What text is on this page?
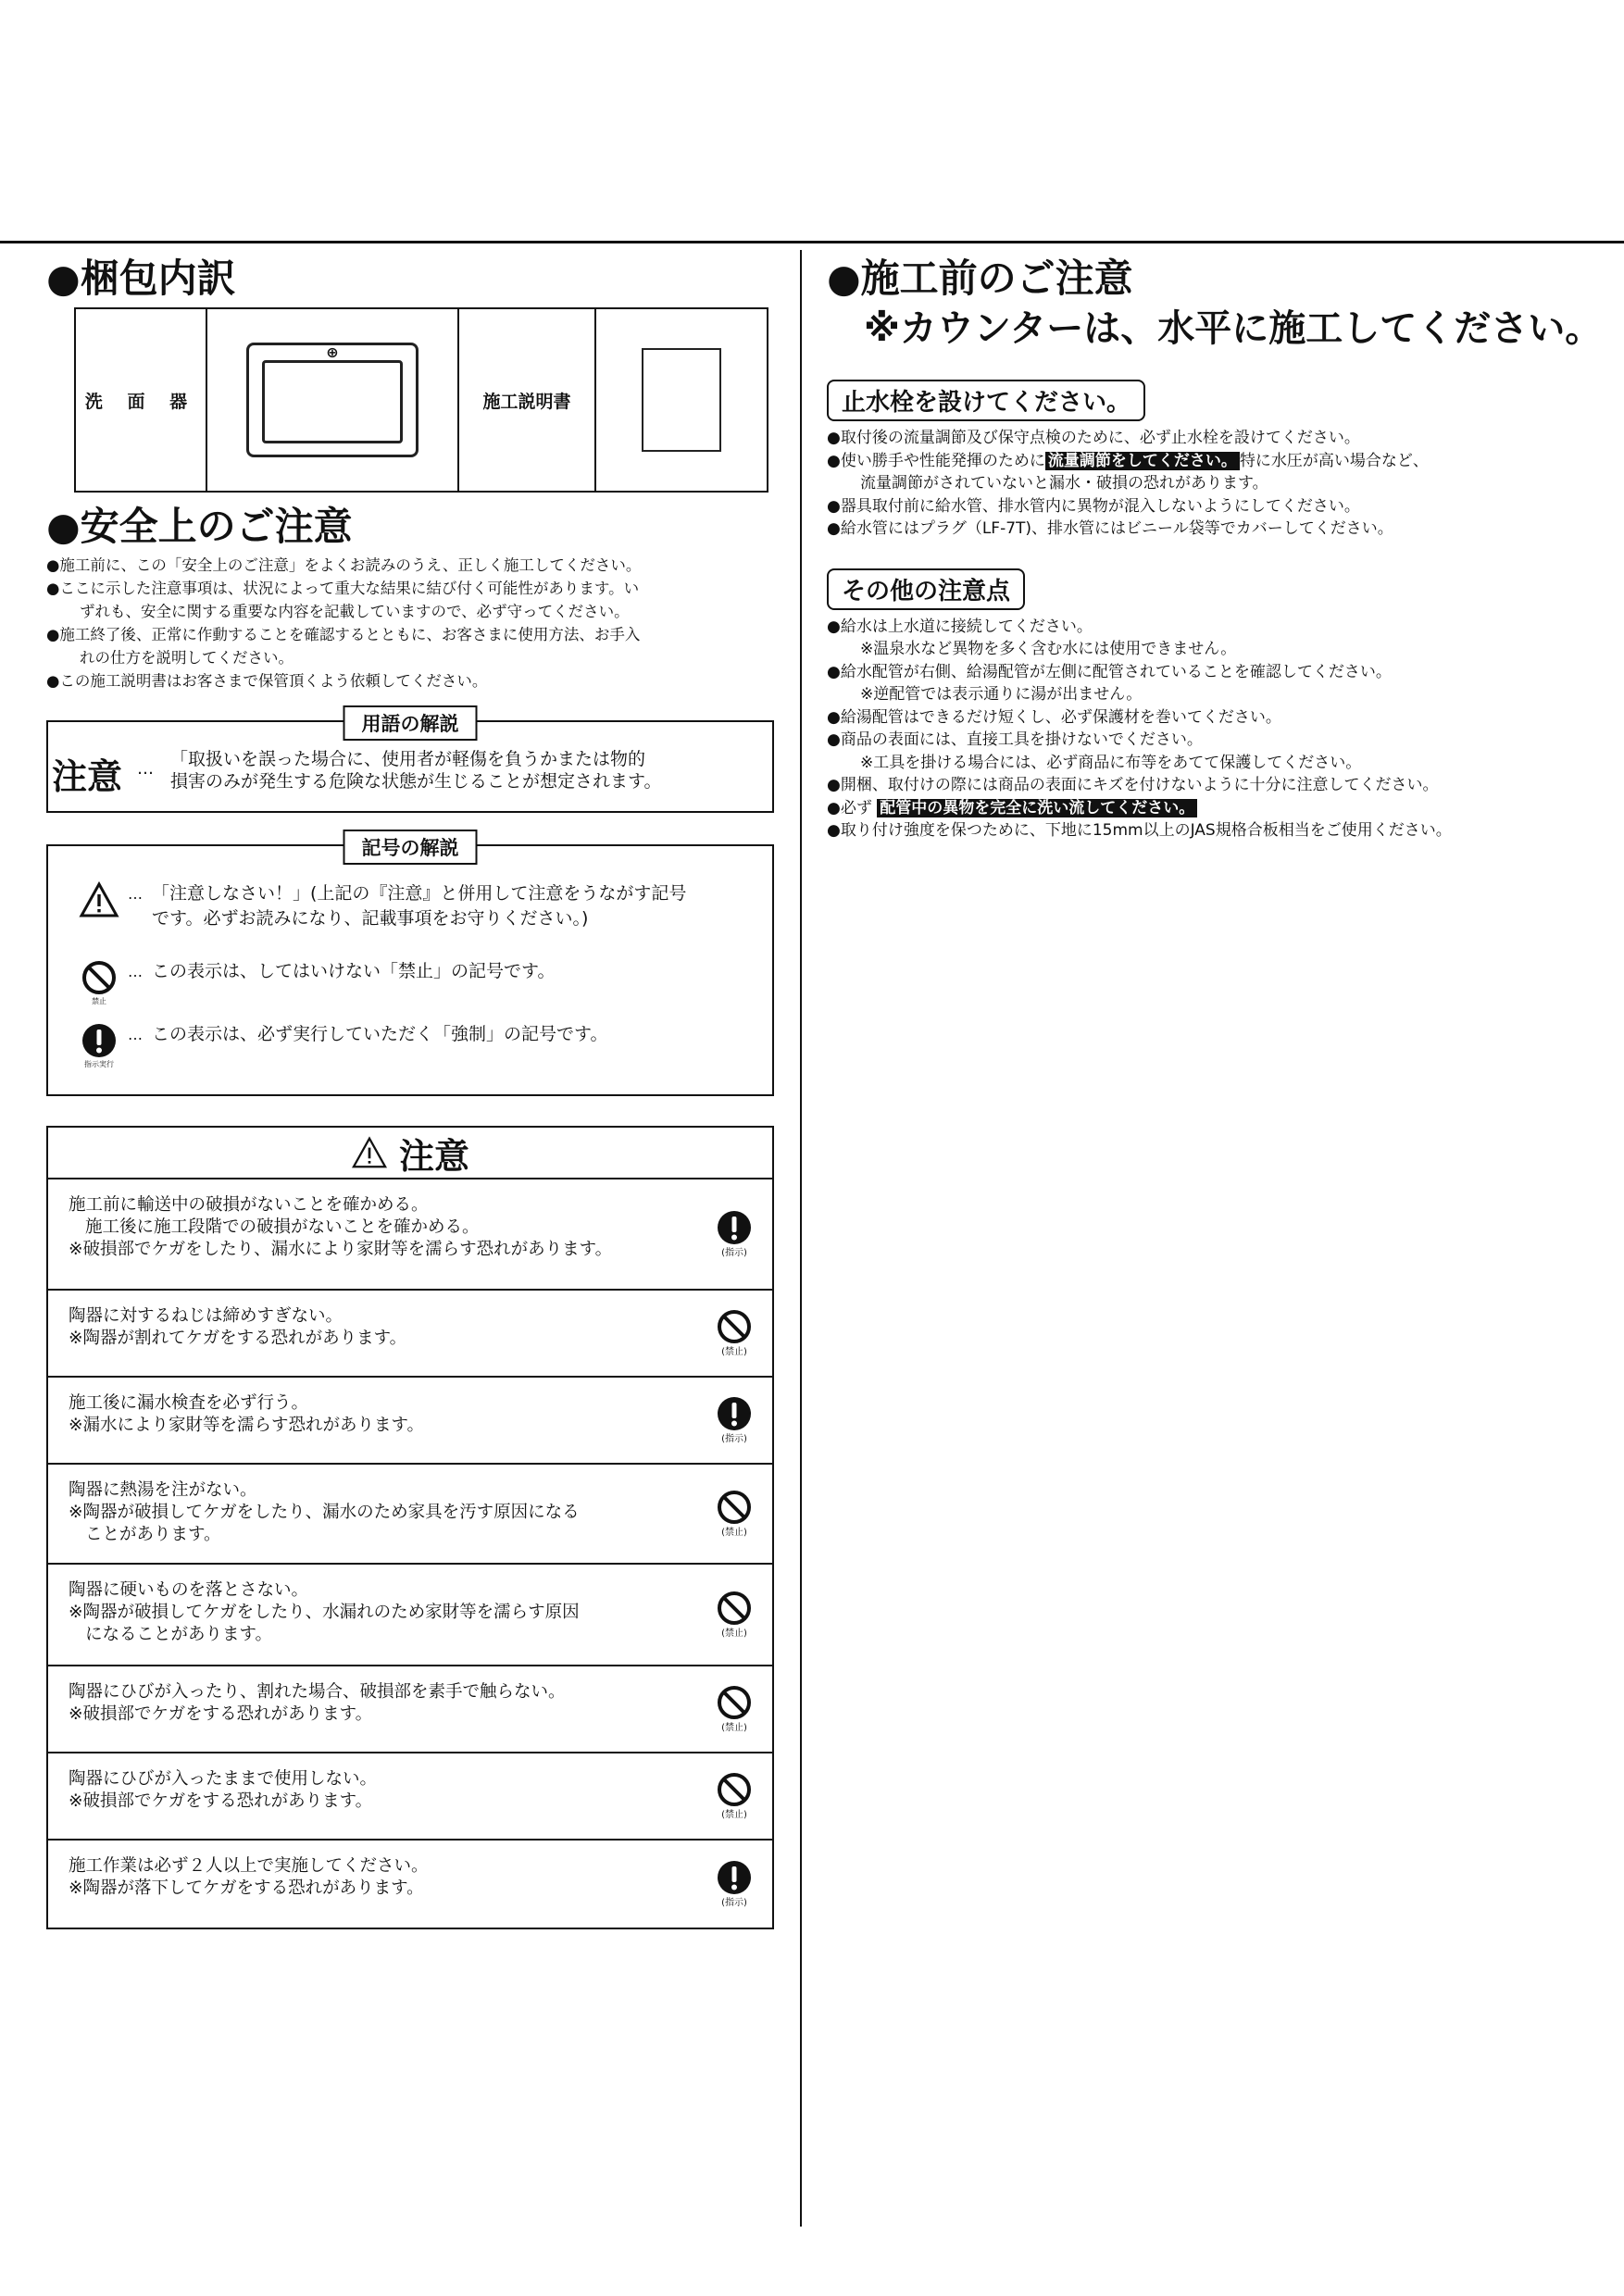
●梱包内訳
洗 面 器
⊕
施工説明書
●安全上のご注意
●施工前に、この「安全上のご注意」をよくお読みのうえ、正しく施工してください。
●ここに示した注意事項は、状況によって重大な結果に結び付く可能性があります。い
ずれも、安全に関する重要な内容を記載していますので、必ず守ってください。
●施工終了後、正常に作動することを確認するとともに、お客さまに使用方法、お手入
れの仕方を説明してください。
●この施工説明書はお客さまで保管頂くよう依頼してください。
用語の解説
注意 … 「取扱いを誤った場合に、使用者が軽傷を負うかまたは物的
損害のみが発生する危険な状態が生じることが想定されます。
記号の解説
… 「注意しなさい！」(上記の『注意』と併用して注意をうながす記号
です。必ずお読みになり、記載事項をお守りください。)
禁止
… この表示は、してはいけない「禁止」の記号です。
指示実行
… この表示は、必ず実行していただく「強制」の記号です。
注意
施工前に輸送中の破損がないことを確かめる。
施工後に施工段階での破損がないことを確かめる。
※破損部でケガをしたり、漏水により家財等を濡らす恐れがあります。	(指示)
陶器に対するねじは締めすぎない。
※陶器が割れてケガをする恐れがあります。
(禁止)
施工後に漏水検査を必ず行う。
※漏水により家財等を濡らす恐れがあります。
(指示)
陶器に熱湯を注がない。
※陶器が破損してケガをしたり、漏水のため家具を汚す原因になる
ことがあります。	(禁止)
陶器に硬いものを落とさない。
※陶器が破損してケガをしたり、水漏れのため家財等を濡らす原因
になることがあります。	(禁止)
陶器にひびが入ったり、割れた場合、破損部を素手で触らない。
※破損部でケガをする恐れがあります。
(禁止)
陶器にひびが入ったままで使用しない。
※破損部でケガをする恐れがあります。
(禁止)
施工作業は必ず２人以上で実施してください。
※陶器が落下してケガをする恐れがあります。
(指示)
●施工前のご注意
※カウンターは、水平に施工してください。
止水栓を設けてください。
●取付後の流量調節及び保守点検のために、必ず止水栓を設けてください。
●使い勝手や性能発揮のために 流量調節をしてください。 特に水圧が高い場合など、
流量調節がされていないと漏水・破損の恐れがあります。
●器具取付前に給水管、排水管内に異物が混入しないようにしてください。
●給水管にはプラグ（LF-7T)、排水管にはビニール袋等でカバーしてください。
その他の注意点
●給水は上水道に接続してください。
※温泉水など異物を多く含む水には使用できません。
●給水配管が右側、給湯配管が左側に配管されていることを確認してください。
※逆配管では表示通りに湯が出ません。
●給湯配管はできるだけ短くし、必ず保護材を巻いてください。
●商品の表面には、直接工具を掛けないでください。
※工具を掛ける場合には、必ず商品に布等をあてて保護してください。
●開梱、取付けの際には商品の表面にキズを付けないように十分に注意してください。
●必ず 配管中の異物を完全に洗い流してください。
●取り付け強度を保つために、下地に15mm以上のJAS規格合板相当をご使用ください。
